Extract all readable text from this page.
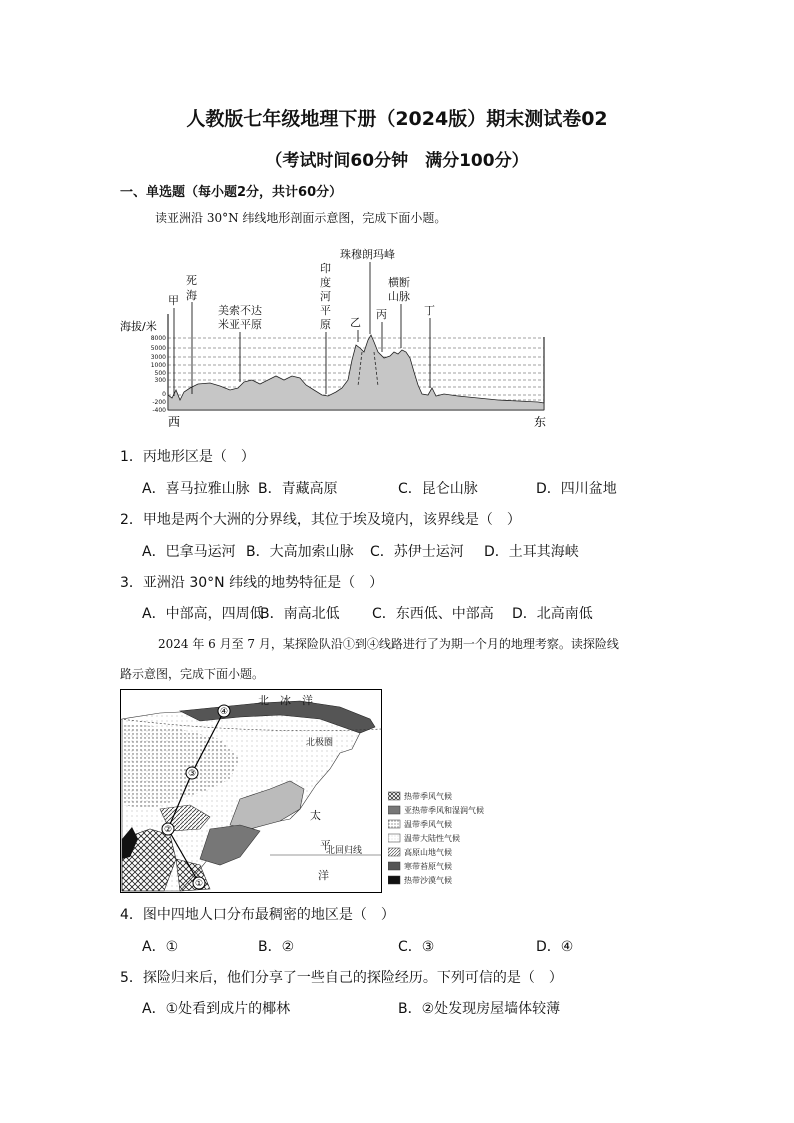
人教版七年级地理下册（2024版）期末测试卷02
（考试时间60分钟　满分100分）
一、单选题（每小题2分，共计60分）
读亚洲沿 30°N 纬线地形剖面示意图，完成下面小题。
8000
5000
3000
1000
500
300
0
-200
-400
海拔/米
西	东
甲
死
海
美索不达
米亚平原
印
度
河
平
原
珠穆朗玛峰
乙
丙
横断
山脉
丁
1．丙地形区是（　）
A．喜马拉雅山脉 B．青藏高原	C．昆仑山脉	D．四川盆地
2．甲地是两个大洲的分界线，其位于埃及境内，该界线是（　）
A．巴拿马运河 B．大高加索山脉 C．苏伊士运河 D．土耳其海峡
3．亚洲沿 30°N 纬线的地势特征是（　）
A．中部高，四周低
B．南高北低 C．东西低、中部高 D．北高南低
2024 年 6 月至 7 月，某探险队沿①到④线路进行了为期一个月的地理考察。读探险线
路示意图，完成下面小题。
①
②
③
④
北　冰　洋
北极圈
太
平
洋
北回归线
热带季风气候
亚热带季风和湿润气候
温带季风气候
温带大陆性气候
高原山地气候
寒带苔原气候
热带沙漠气候
4．图中四地人口分布最稠密的地区是（　）
A．①	B．②	C．③	D．④
5．探险归来后，他们分享了一些自己的探险经历。下列可信的是（　）
A．①处看到成片的椰林	B．②处发现房屋墙体较薄
